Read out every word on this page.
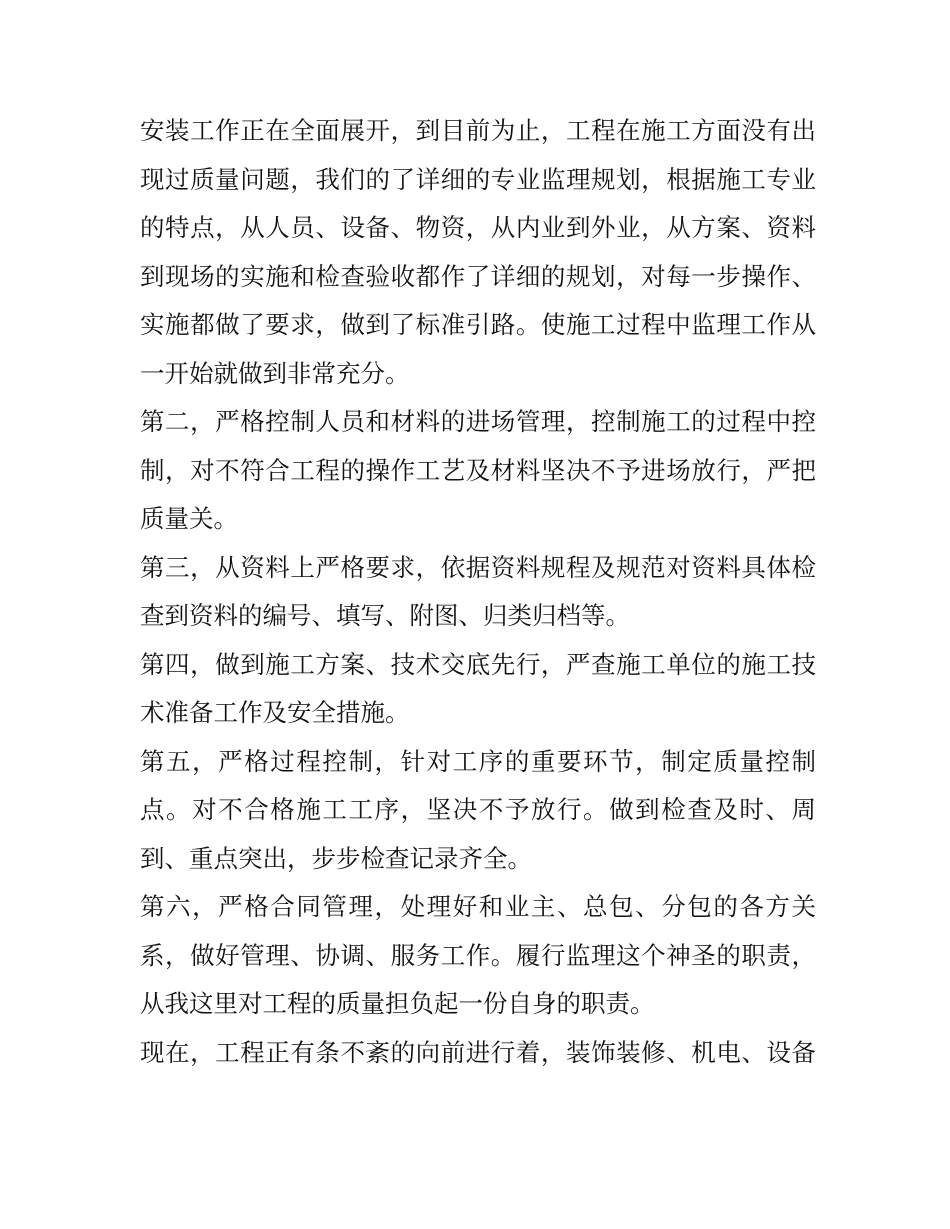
安装工作正在全面展开，到目前为止，工程在施工方面没有出
现过质量问题，我们的了详细的专业监理规划，根据施工专业
的特点，从人员、设备、物资，从内业到外业，从方案、资料
到现场的实施和检查验收都作了详细的规划，对每一步操作、
实施都做了要求，做到了标准引路。使施工过程中监理工作从
一开始就做到非常充分。
第二，严格控制人员和材料的进场管理，控制施工的过程中控
制，对不符合工程的操作工艺及材料坚决不予进场放行，严把
质量关。
第三，从资料上严格要求，依据资料规程及规范对资料具体检
查到资料的编号、填写、附图、归类归档等。
第四，做到施工方案、技术交底先行，严查施工单位的施工技
术准备工作及安全措施。
第五，严格过程控制，针对工序的重要环节，制定质量控制
点。对不合格施工工序，坚决不予放行。做到检查及时、周
到、重点突出，步步检查记录齐全。
第六，严格合同管理，处理好和业主、总包、分包的各方关
系，做好管理、协调、服务工作。履行监理这个神圣的职责，
从我这里对工程的质量担负起一份自身的职责。
现在，工程正有条不紊的向前进行着，装饰装修、机电、设备
